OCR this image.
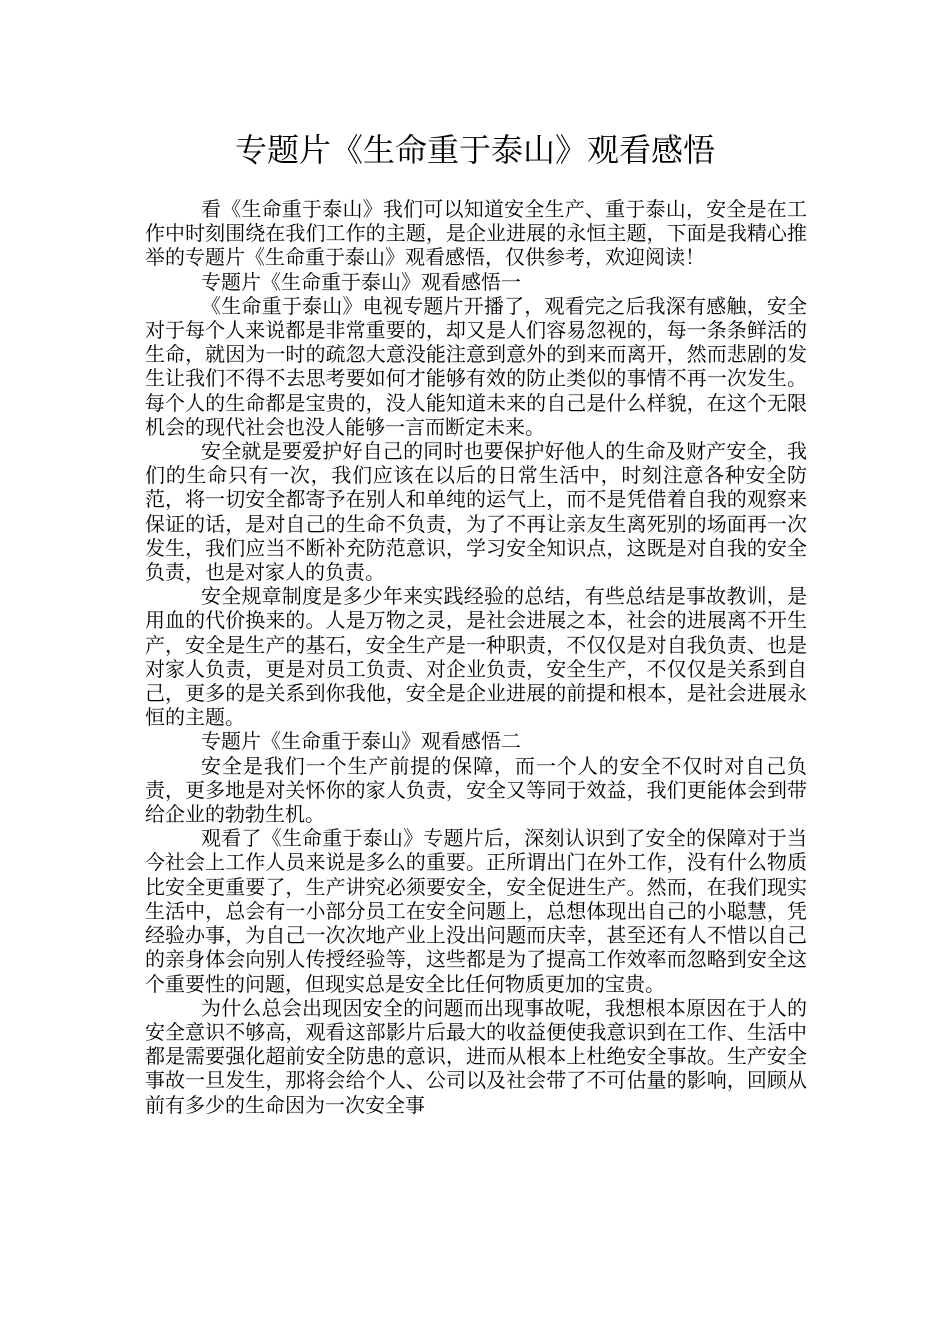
专题片《生命重于泰山》观看感悟

看《生命重于泰山》我们可以知道安全生产、重于泰山，安全是在工作中时刻围绕在我们工作的主题，是企业进展的永恒主题，下面是我精心推举的专题片《生命重于泰山》观看感悟，仅供参考，欢迎阅读！

专题片《生命重于泰山》观看感悟一

《生命重于泰山》电视专题片开播了，观看完之后我深有感触，安全对于每个人来说都是非常重要的，却又是人们容易忽视的，每一条条鲜活的生命，就因为一时的疏忽大意没能注意到意外的到来而离开，然而悲剧的发生让我们不得不去思考要如何才能够有效的防止类似的事情不再一次发生。每个人的生命都是宝贵的，没人能知道未来的自己是什么样貌，在这个无限机会的现代社会也没人能够一言而断定未来。

安全就是要爱护好自己的同时也要保护好他人的生命及财产安全，我们的生命只有一次，我们应该在以后的日常生活中，时刻注意各种安全防范，将一切安全都寄予在别人和单纯的运气上，而不是凭借着自我的观察来保证的话，是对自己的生命不负责，为了不再让亲友生离死别的场面再一次发生，我们应当不断补充防范意识，学习安全知识点，这既是对自我的安全负责，也是对家人的负责。

安全规章制度是多少年来实践经验的总结，有些总结是事故教训，是用血的代价换来的。人是万物之灵，是社会进展之本，社会的进展离不开生产，安全是生产的基石，安全生产是一种职责，不仅仅是对自我负责、也是对家人负责，更是对员工负责、对企业负责，安全生产，不仅仅是关系到自己，更多的是关系到你我他，安全是企业进展的前提和根本，是社会进展永恒的主题。

专题片《生命重于泰山》观看感悟二

安全是我们一个生产前提的保障，而一个人的安全不仅时对自己负责，更多地是对关怀你的家人负责，安全又等同于效益，我们更能体会到带给企业的勃勃生机。

观看了《生命重于泰山》专题片后，深刻认识到了安全的保障对于当今社会上工作人员来说是多么的重要。正所谓出门在外工作，没有什么物质比安全更重要了，生产讲究必须要安全，安全促进生产。然而，在我们现实生活中，总会有一小部分员工在安全问题上，总想体现出自己的小聪慧，凭经验办事，为自己一次次地产业上没出问题而庆幸，甚至还有人不惜以自己的亲身体会向别人传授经验等，这些都是为了提高工作效率而忽略到安全这个重要性的问题，但现实总是安全比任何物质更加的宝贵。

为什么总会出现因安全的问题而出现事故呢，我想根本原因在于人的安全意识不够高，观看这部影片后最大的收益便使我意识到在工作、生活中都是需要强化超前安全防患的意识，进而从根本上杜绝安全事故。生产安全事故一旦发生，那将会给个人、公司以及社会带了不可估量的影响，回顾从前有多少的生命因为一次安全事
